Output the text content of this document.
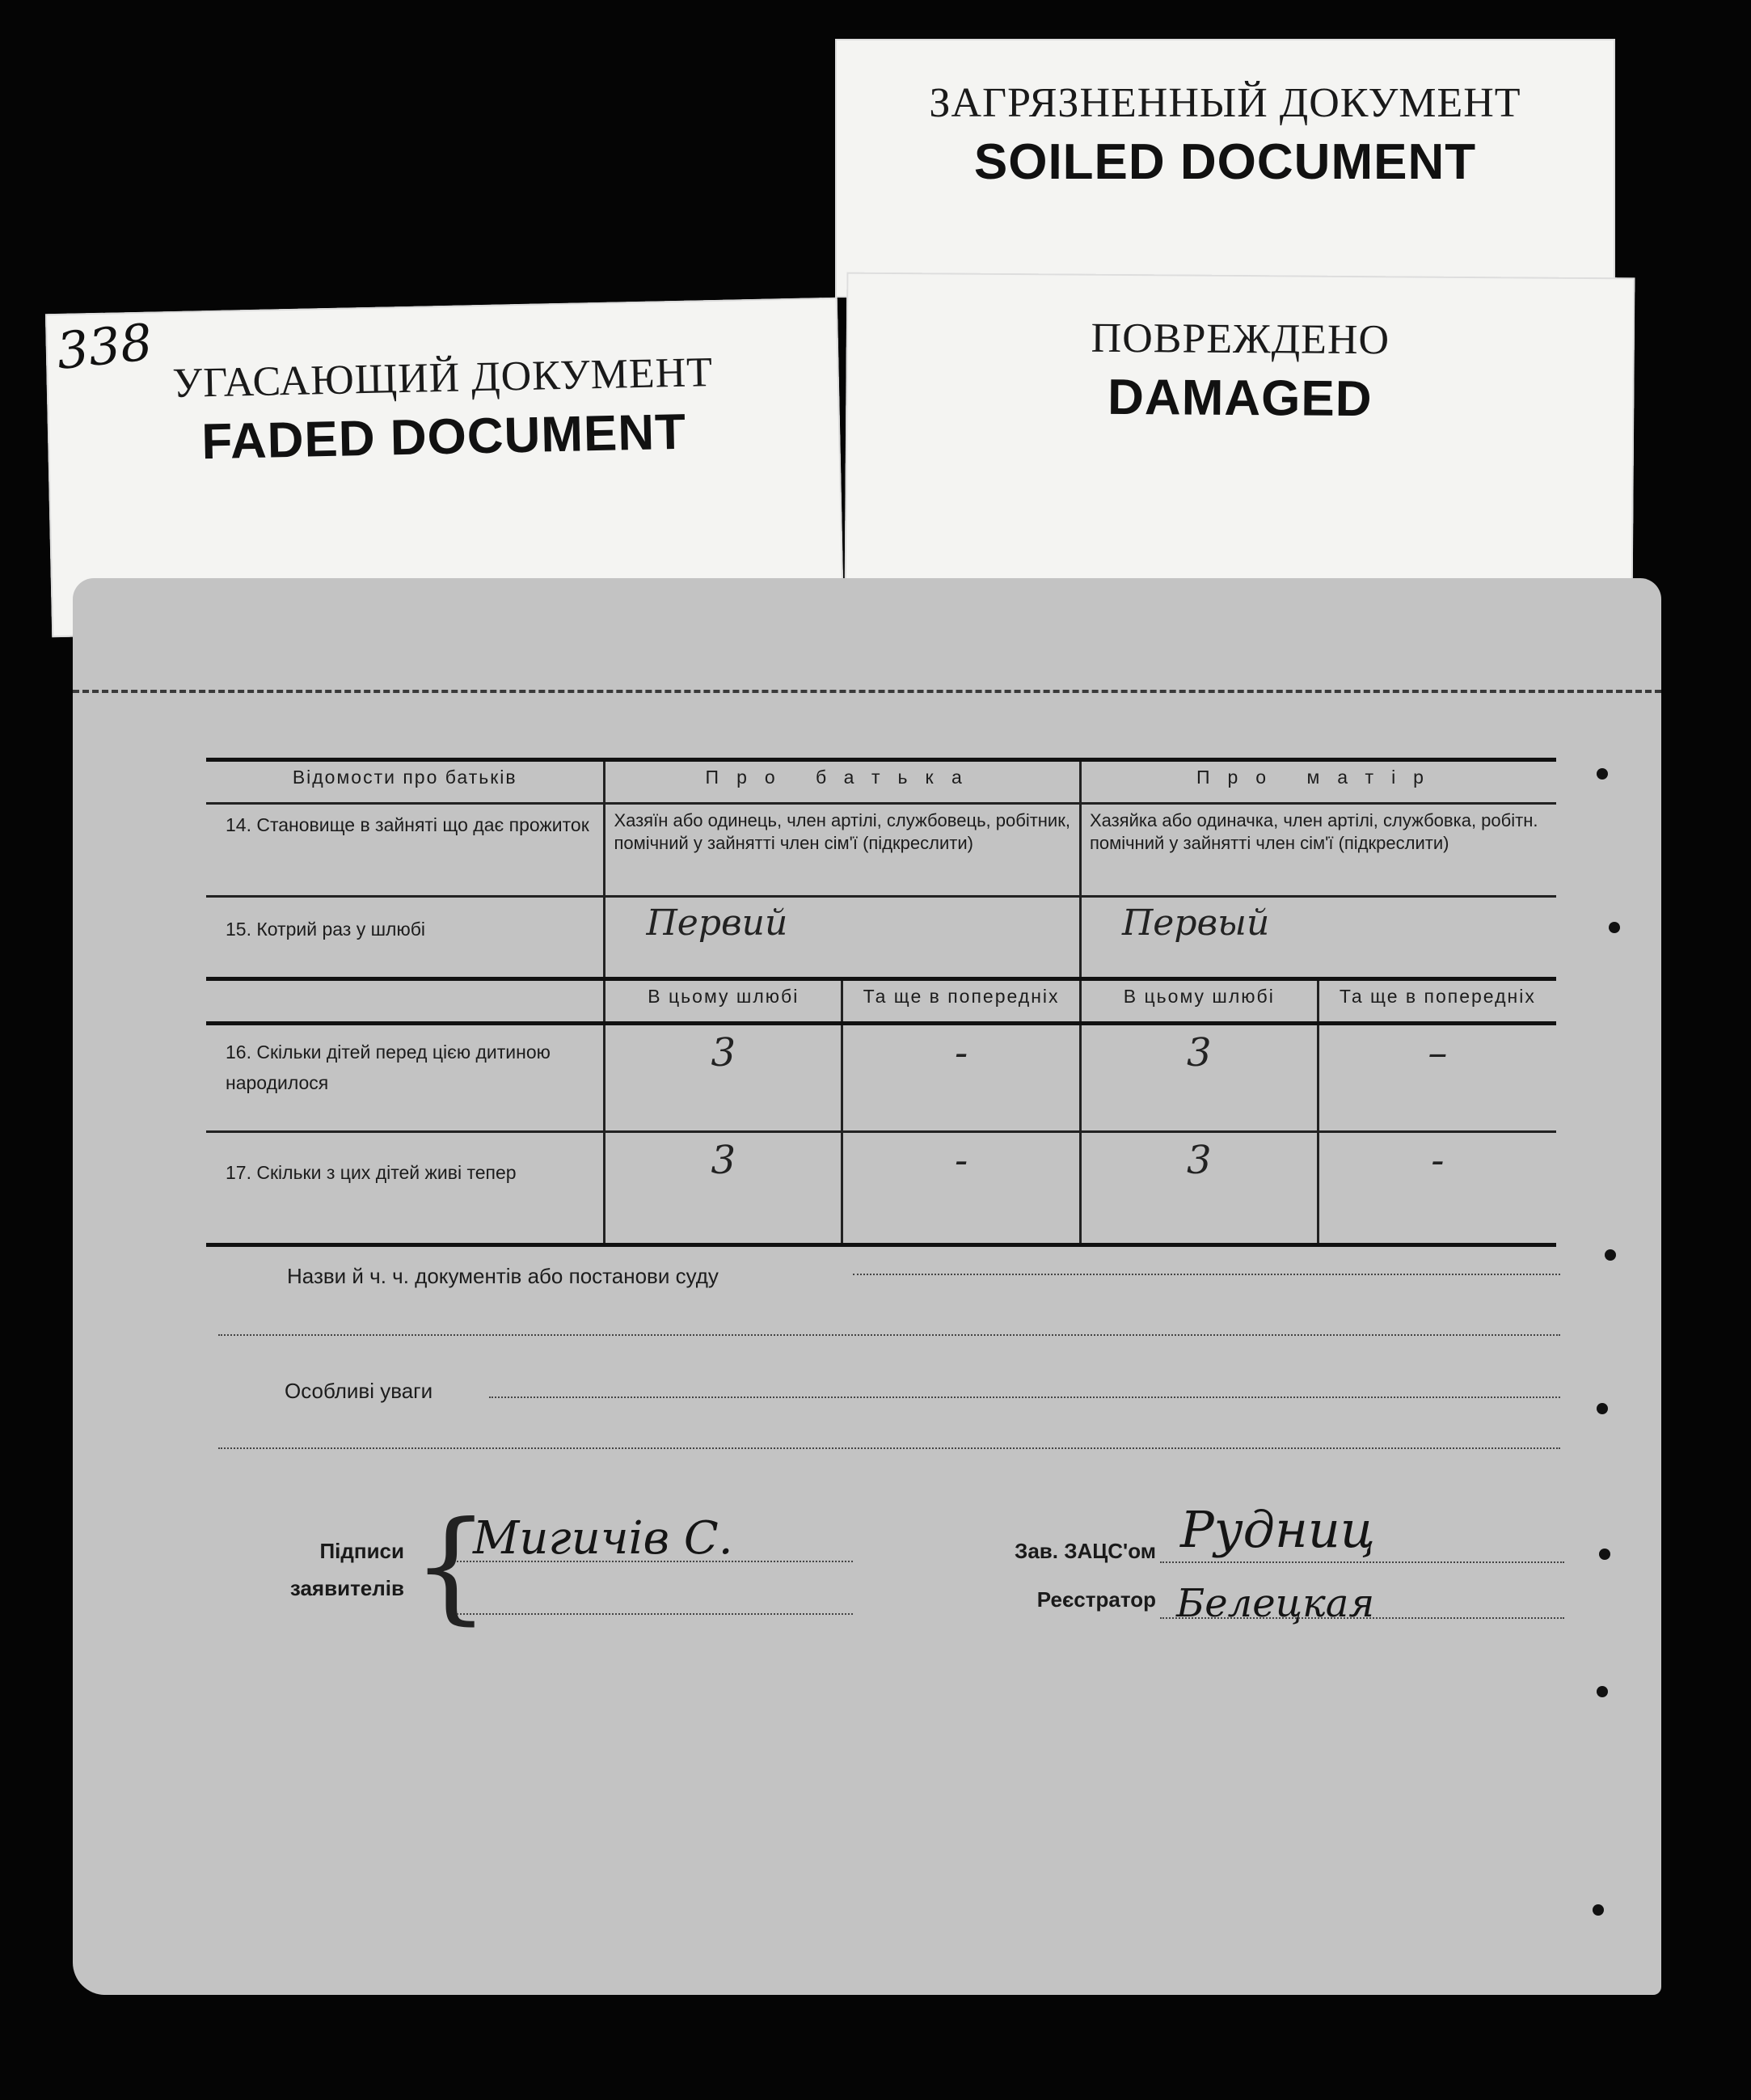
ЗАГРЯЗНЕННЫЙ ДОКУМЕНТ
SOILED DOCUMENT
ПОВРЕЖДЕНО
DAMAGED
УГАСАЮЩИЙ ДОКУМЕНТ
FADED DOCUMENT
Відомости про батьків	Про батька		Про матір	
14. Становище в зайняті що дає прожиток	Хазяїн або одинець, член артілі, службовець, робітник, помічний у зайнятті член сім'ї (підкреслити)		Хазяйка або одиначка, член артілі, службовка, робітн. помічний у зайнятті член сім'ї (підкреслити)	
15. Котрий раз у шлюбі	Первий		Первый	
	В цьому шлюбі	Та ще в попередніх	В цьому шлюбі	Та ще в попередніх
16. Скільки дітей перед цією дитиною народилося	3	-	3	–
17. Скільки з цих дітей живі тепер	3	-	3	-
Назви й ч. ч. документів або постанови суду
Особливі уваги
Підписи
заявителів {
Мигичів С.	Зав. ЗАЦС'ом Рудниц
Реєстратор Белецкая
338
